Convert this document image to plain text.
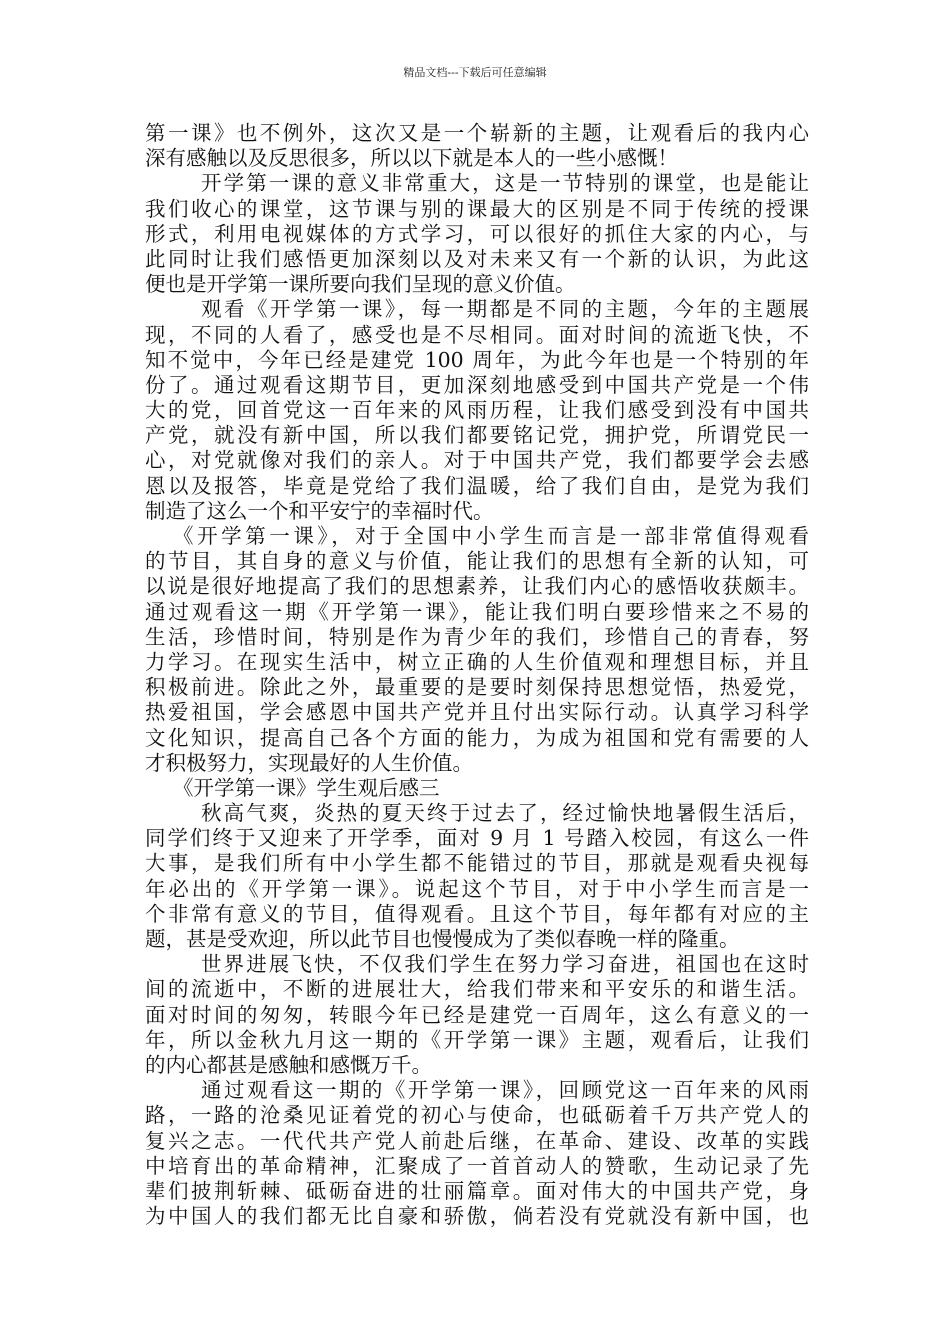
精品文档---下载后可任意编辑
第一课》也不例外，这次又是一个崭新的主题，让观看后的我内心
深有感触以及反思很多，所以以下就是本人的一些小感慨！
开学第一课的意义非常重大，这是一节特别的课堂，也是能让
我们收心的课堂，这节课与别的课最大的区别是不同于传统的授课
形式，利用电视媒体的方式学习，可以很好的抓住大家的内心，与
此同时让我们感悟更加深刻以及对未来又有一个新的认识，为此这
便也是开学第一课所要向我们呈现的意义价值。
观看《开学第一课》，每一期都是不同的主题，今年的主题展
现，不同的人看了，感受也是不尽相同。面对时间的流逝飞快，不
知不觉中，今年已经是建党 100 周年，为此今年也是一个特别的年
份了。通过观看这期节目，更加深刻地感受到中国共产党是一个伟
大的党，回首党这一百年来的风雨历程，让我们感受到没有中国共
产党，就没有新中国，所以我们都要铭记党，拥护党，所谓党民一
心，对党就像对我们的亲人。对于中国共产党，我们都要学会去感
恩以及报答，毕竟是党给了我们温暖，给了我们自由，是党为我们
制造了这么一个和平安宁的幸福时代。
《开学第一课》，对于全国中小学生而言是一部非常值得观看
的节目，其自身的意义与价值，能让我们的思想有全新的认知，可
以说是很好地提高了我们的思想素养，让我们内心的感悟收获颇丰。
通过观看这一期《开学第一课》，能让我们明白要珍惜来之不易的
生活，珍惜时间，特别是作为青少年的我们，珍惜自己的青春，努
力学习。在现实生活中，树立正确的人生价值观和理想目标，并且
积极前进。除此之外，最重要的是要时刻保持思想觉悟，热爱党，
热爱祖国，学会感恩中国共产党并且付出实际行动。认真学习科学
文化知识，提高自己各个方面的能力，为成为祖国和党有需要的人
才积极努力，实现最好的人生价值。
《开学第一课》学生观后感三
秋高气爽，炎热的夏天终于过去了，经过愉快地暑假生活后，
同学们终于又迎来了开学季，面对 9 月 1 号踏入校园，有这么一件
大事，是我们所有中小学生都不能错过的节目，那就是观看央视每
年必出的《开学第一课》。说起这个节目，对于中小学生而言是一
个非常有意义的节目，值得观看。且这个节目，每年都有对应的主
题，甚是受欢迎，所以此节目也慢慢成为了类似春晚一样的隆重。
世界进展飞快，不仅我们学生在努力学习奋进，祖国也在这时
间的流逝中，不断的进展壮大，给我们带来和平安乐的和谐生活。
面对时间的匆匆，转眼今年已经是建党一百周年，这么有意义的一
年，所以金秋九月这一期的《开学第一课》主题，观看后，让我们
的内心都甚是感触和感慨万千。
通过观看这一期的《开学第一课》，回顾党这一百年来的风雨
路，一路的沧桑见证着党的初心与使命，也砥砺着千万共产党人的
复兴之志。一代代共产党人前赴后继，在革命、建设、改革的实践
中培育出的革命精神，汇聚成了一首首动人的赞歌，生动记录了先
辈们披荆斩棘、砥砺奋进的壮丽篇章。面对伟大的中国共产党，身
为中国人的我们都无比自豪和骄傲，倘若没有党就没有新中国，也
